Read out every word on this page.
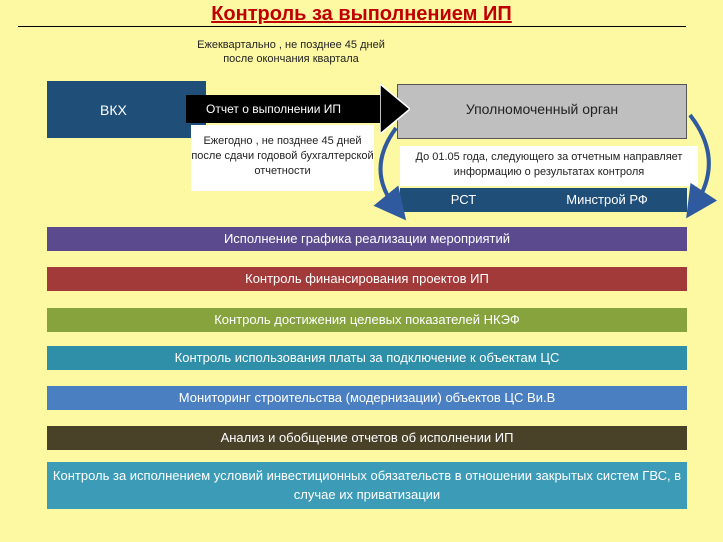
Контроль за выполнением ИП
Ежеквартально , не позднее 45 дней после окончания квартала
ВКХ	Уполномоченный орган
Отчет о выполнении ИП
Ежегодно , не позднее 45 дней после сдачи годовой бухгалтерской отчетности
До 01.05 года, следующего за отчетным направляет информацию о результатах контроля
РСТ	Минстрой РФ
Исполнение графика реализации мероприятий
Контроль финансирования проектов ИП
Контроль достижения целевых показателей НКЭФ
Контроль использования платы за подключение к объектам ЦС
Мониторинг строительства (модернизации) объектов ЦС Ви.В
Анализ и обобщение отчетов об исполнении ИП
Контроль за исполнением условий инвестиционных обязательств в отношении закрытых систем ГВС, в случае их приватизации
